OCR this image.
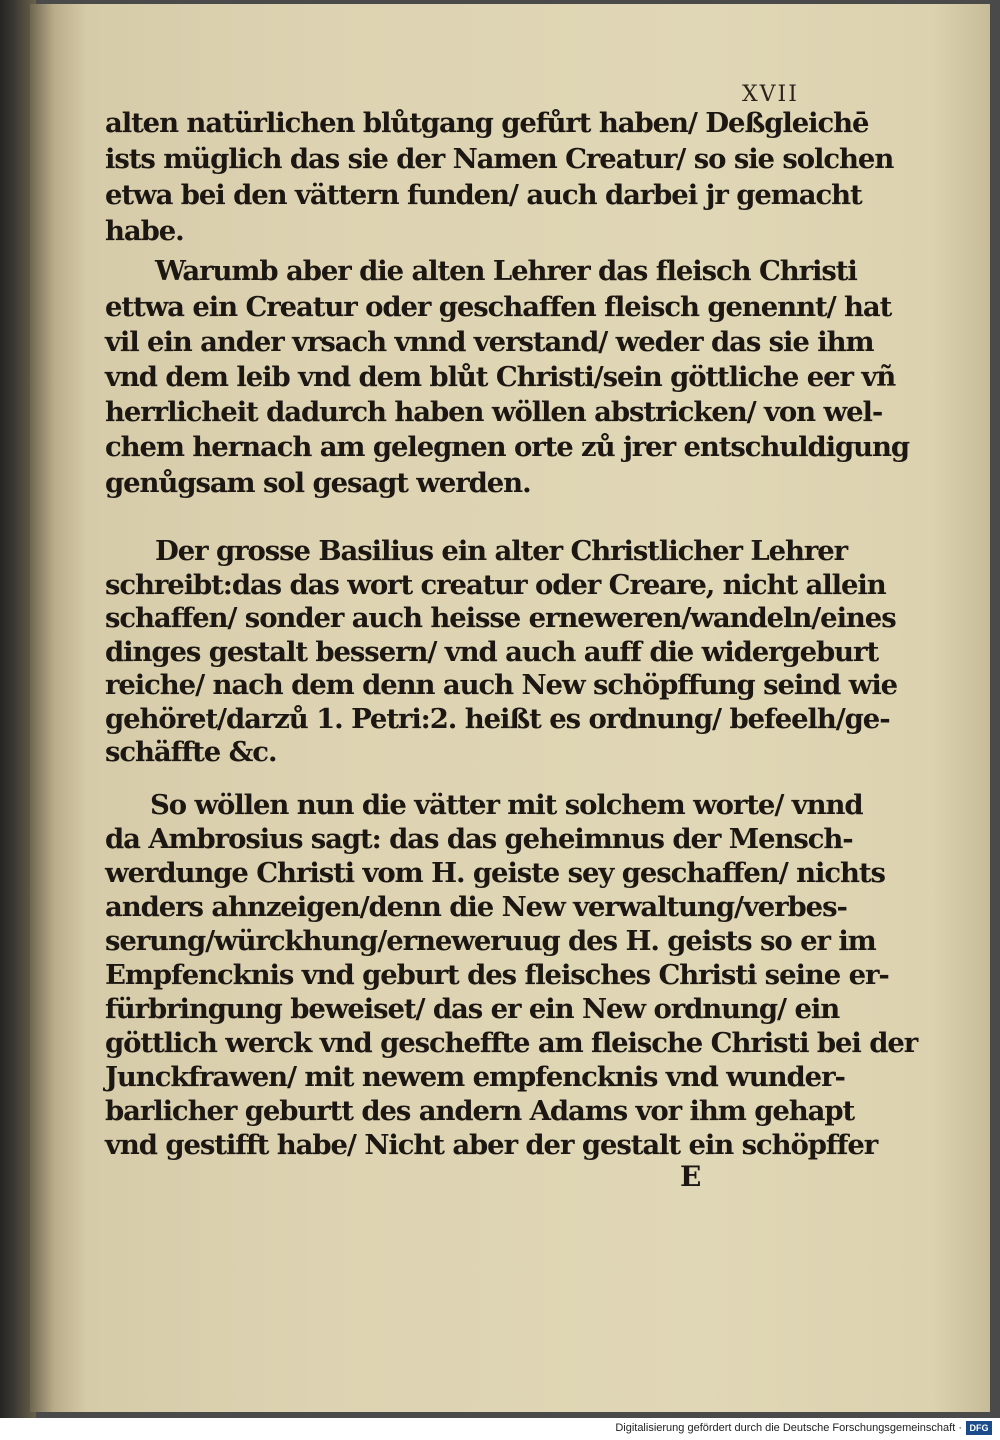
XVII
alten natürlichen blůtgang gefůrt haben/ Deßgleichē
ists müglich das sie der Namen Creatur/ so sie solchen
etwa bei den vättern funden/ auch darbei jr gemacht
habe.
Warumb aber die alten Lehrer das fleisch Christi
ettwa ein Creatur oder geschaffen fleisch genennt/ hat
vil ein ander vrsach vnnd verstand/ weder das sie ihm
vnd dem leib vnd dem blůt Christi/sein göttliche eer vñ
herrlicheit dadurch haben wöllen abstricken/ von wel-
chem hernach am gelegnen orte zů jrer entschuldigung
genůgsam sol gesagt werden.
Der grosse Basilius ein alter Christlicher Lehrer
schreibt:das das wort creatur oder Creare, nicht allein
schaffen/ sonder auch heisse erneweren/wandeln/eines
dinges gestalt bessern/ vnd auch auff die widergeburt
reiche/ nach dem denn auch New schöpffung seind wie
gehöret/darzů 1. Petri:2. heißt es ordnung/ befeelh/ge-
schäffte &c.
So wöllen nun die vätter mit solchem worte/ vnnd
da Ambrosius sagt: das das geheimnus der Mensch-
werdunge Christi vom H. geiste sey geschaffen/ nichts
anders ahnzeigen/denn die New verwaltung/verbes-
serung/würckhung/erneweruug des H. geists so er im
Empfencknis vnd geburt des fleisches Christi seine er-
fürbringung beweiset/ das er ein New ordnung/ ein
göttlich werck vnd gescheffte am fleische Christi bei der
Junckfrawen/ mit newem empfencknis vnd wunder-
barlicher geburtt des andern Adams vor ihm gehapt
vnd gestifft habe/ Nicht aber der gestalt ein schöpffer
E
Digitalisierung gefördert durch die Deutsche Forschungsgemeinschaft · DFG
